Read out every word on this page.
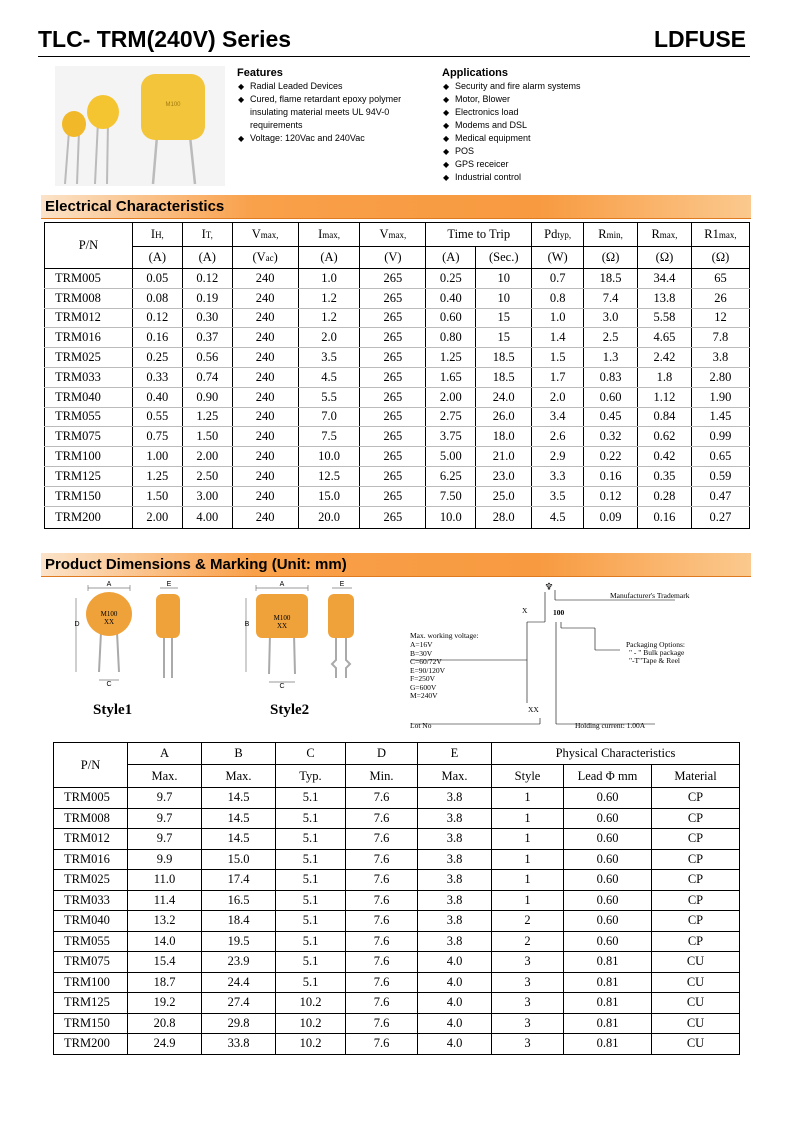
TLC- TRM(240V) Series	LDFUSE
M100
Features
◆ Radial Leaded Devices
◆ Cured, flame retardant epoxy polymer insulating material meets UL 94V-0 requirements
◆ Voltage: 120Vac and 240Vac
Applications
◆ Security and fire alarm systems
◆ Motor, Blower
◆ Electronics load
◆ Modems and DSL
◆ Medical equipment
◆ POS
◆ GPS receicer
◆ Industrial control
Electrical Characteristics
P/N	IH,	IT,	Vmax,	Imax,	Vmax,	Time to Trip		Pdtyp,	Rmin,	Rmax,	R1max,
	(A)	(A)	(Vac)	(A)	(V)	(A)	(Sec.)	(W)	(Ω)	(Ω)	(Ω)
TRM005	0.05	0.12	240	1.0	265	0.25	10	0.7	18.5	34.4	65
TRM008	0.08	0.19	240	1.2	265	0.40	10	0.8	7.4	13.8	26
TRM012	0.12	0.30	240	1.2	265	0.60	15	1.0	3.0	5.58	12
TRM016	0.16	0.37	240	2.0	265	0.80	15	1.4	2.5	4.65	7.8
TRM025	0.25	0.56	240	3.5	265	1.25	18.5	1.5	1.3	2.42	3.8
TRM033	0.33	0.74	240	4.5	265	1.65	18.5	1.7	0.83	1.8	2.80
TRM040	0.40	0.90	240	5.5	265	2.00	24.0	2.0	0.60	1.12	1.90
TRM055	0.55	1.25	240	7.0	265	2.75	26.0	3.4	0.45	0.84	1.45
TRM075	0.75	1.50	240	7.5	265	3.75	18.0	2.6	0.32	0.62	0.99
TRM100	1.00	2.00	240	10.0	265	5.00	21.0	2.9	0.22	0.42	0.65
TRM125	1.25	2.50	240	12.5	265	6.25	23.0	3.3	0.16	0.35	0.59
TRM150	1.50	3.00	240	15.0	265	7.50	25.0	3.5	0.12	0.28	0.47
TRM200	2.00	4.00	240	20.0	265	10.0	28.0	4.5	0.09	0.16	0.27
Product Dimensions & Marking (Unit: mm)
A
D
M100
XX
C
E
Style1
A
B
M100
XX
C
E
Style2
♆
Manufacturer's Trademark
X	100
Max. working voltage:
A=16V
B=30V
C=60/72V
E=90/120V
F=250V
G=600V
M=240V
Packaging Options:
" - " Bulk package
"-T"Tape & Reel
XX
Lot No	Holding current: 1.00A
P/N	A	B	C	D	E	Physical Characteristics		
	Max.	Max.	Typ.	Min.	Max.	Style	Lead Φ mm	Material
TRM005	9.7	14.5	5.1	7.6	3.8	1	0.60	CP
TRM008	9.7	14.5	5.1	7.6	3.8	1	0.60	CP
TRM012	9.7	14.5	5.1	7.6	3.8	1	0.60	CP
TRM016	9.9	15.0	5.1	7.6	3.8	1	0.60	CP
TRM025	11.0	17.4	5.1	7.6	3.8	1	0.60	CP
TRM033	11.4	16.5	5.1	7.6	3.8	1	0.60	CP
TRM040	13.2	18.4	5.1	7.6	3.8	2	0.60	CP
TRM055	14.0	19.5	5.1	7.6	3.8	2	0.60	CP
TRM075	15.4	23.9	5.1	7.6	4.0	3	0.81	CU
TRM100	18.7	24.4	5.1	7.6	4.0	3	0.81	CU
TRM125	19.2	27.4	10.2	7.6	4.0	3	0.81	CU
TRM150	20.8	29.8	10.2	7.6	4.0	3	0.81	CU
TRM200	24.9	33.8	10.2	7.6	4.0	3	0.81	CU
